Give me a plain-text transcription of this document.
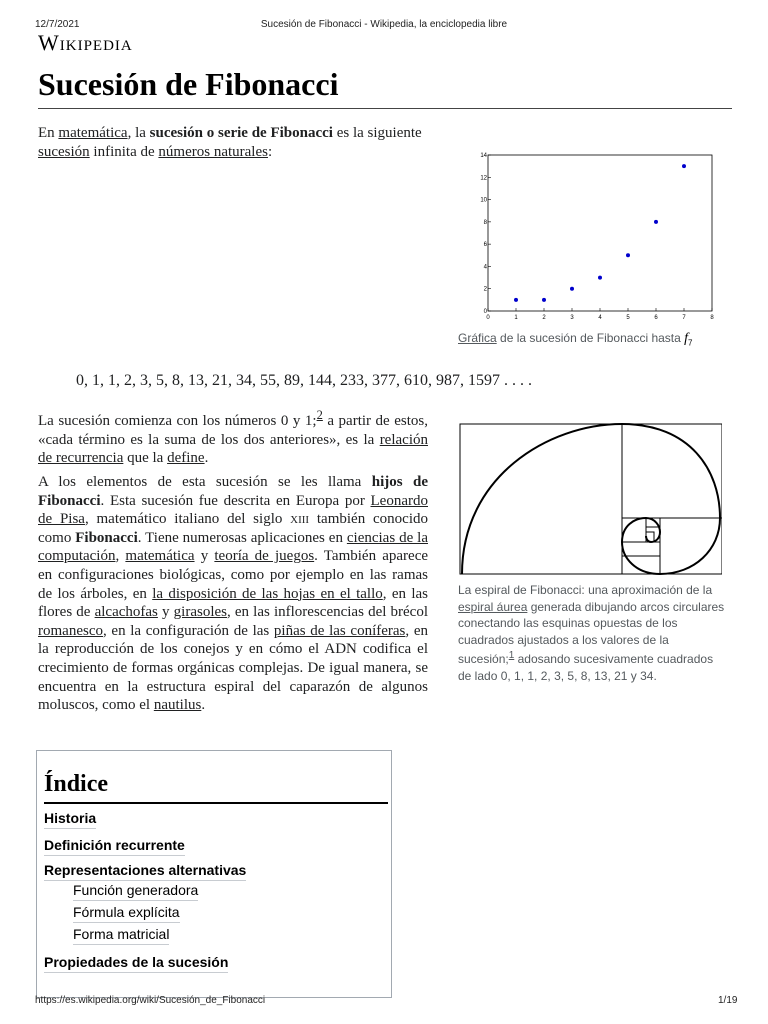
12/7/2021	Sucesión de Fibonacci - Wikipedia, la enciclopedia libre
Wikipedia
Sucesión de Fibonacci
En matemática, la sucesión o serie de Fibonacci es la siguiente sucesión infinita de números naturales:
0, 1, 1, 2, 3, 5, 8, 13, 21, 34, 55, 89, 144, 233, 377, 610, 987, 1597 . . . .
La sucesión comienza con los números 0 y 1;$^2$ a partir de estos, «cada término es la suma de los dos anteriores», es la relación de recurrencia que la define.
A los elementos de esta sucesión se les llama hijos de Fibonacci. Esta sucesión fue descrita en Europa por Leonardo de Pisa, matemático italiano del siglo xiii también conocido como Fibonacci. Tiene numerosas aplicaciones en ciencias de la computación, matemática y teoría de juegos. También aparece en configuraciones biológicas, como por ejemplo en las ramas de los árboles, en la disposición de las hojas en el tallo, en las flores de alcachofas y girasoles, en las inflorescencias del brécol romanesco, en la configuración de las piñas de las coníferas, en la reproducción de los conejos y en cómo el ADN codifica el crecimiento de formas orgánicas complejas. De igual manera, se encuentra en la estructura espiral del caparazón de algunos moluscos, como el nautilus.
0	1	2	3	4	5	6	7	8
0
2
4
6
8
10
12
14
Gráfica de la sucesión de Fibonacci hasta $f_7$
La espiral de Fibonacci: una aproximación de la espiral áurea generada dibujando arcos circulares conectando las esquinas opuestas de los cuadrados ajustados a los valores de la sucesión;$^1$ adosando sucesivamente cuadrados de lado 0, 1, 1, 2, 3, 5, 8, 13, 21 y 34.
Índice
Historia
Definición recurrente
Representaciones alternativas
Función generadora
Fórmula explícita
Forma matricial
Propiedades de la sucesión
https://es.wikipedia.org/wiki/Sucesión_de_Fibonacci	1/19
